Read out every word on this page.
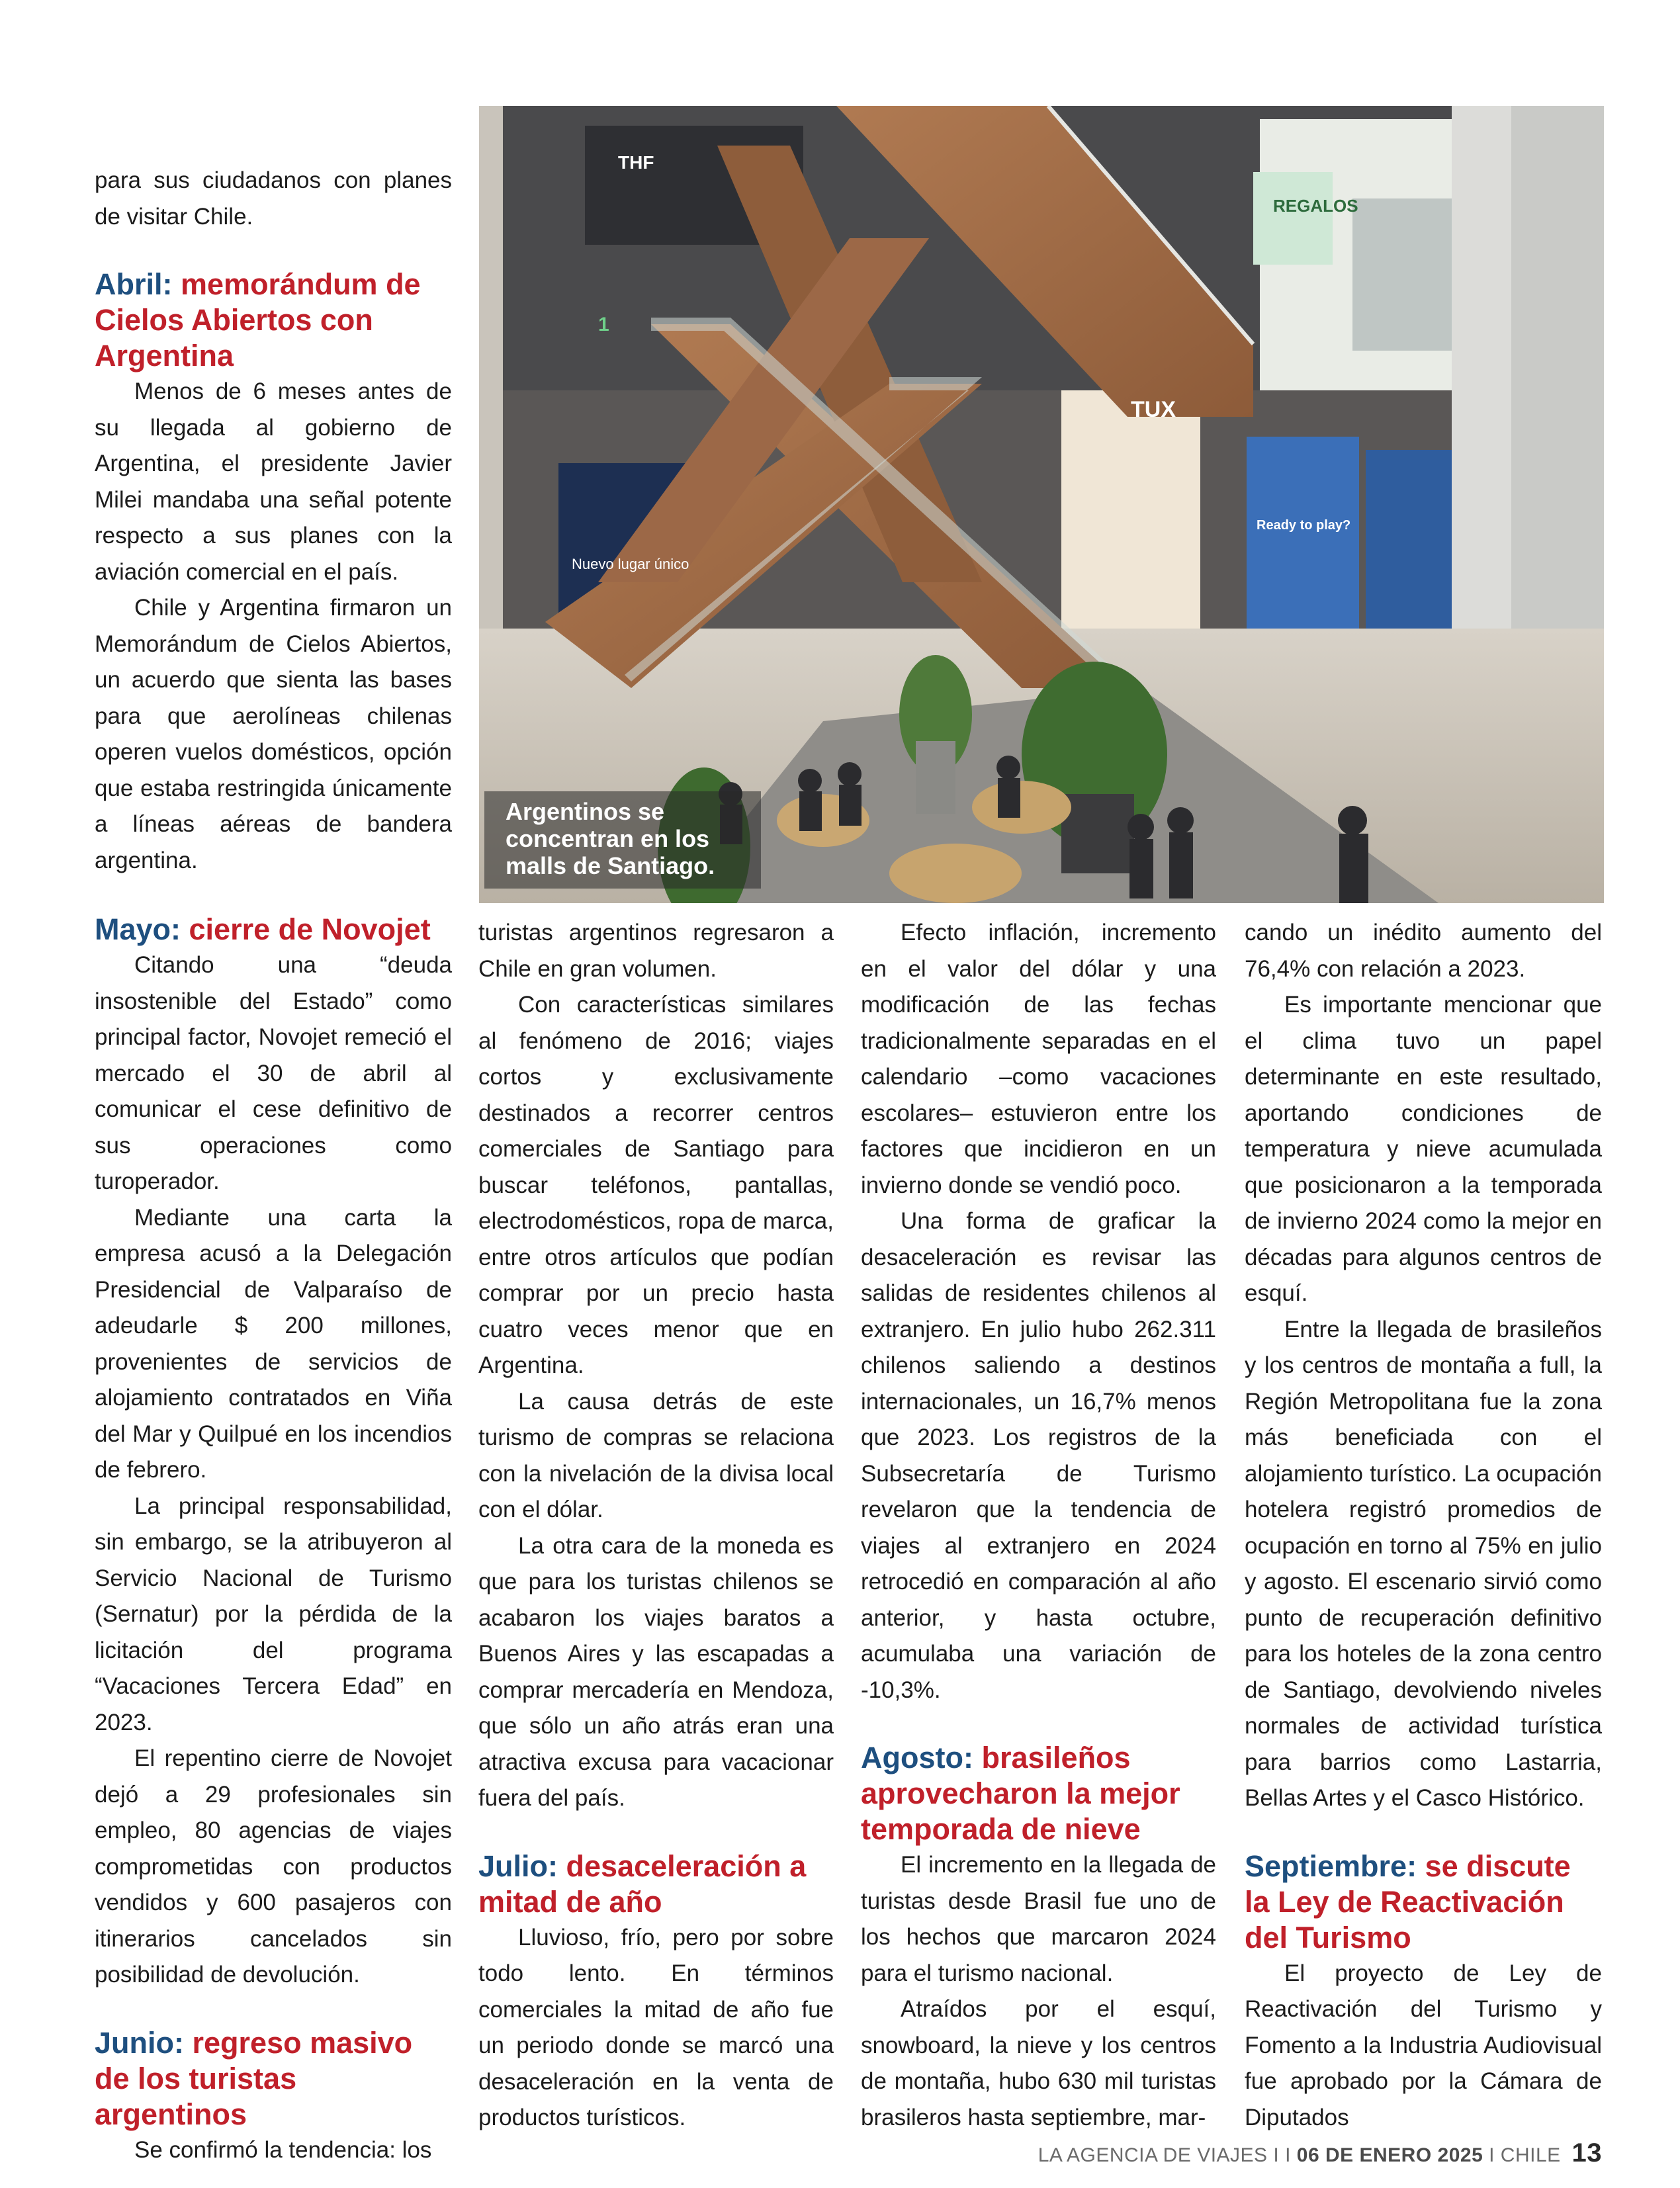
THF
REGALOS
TUX
Ready to play?
1
Nuevo lugar único
Argentinos se concentran en los malls de Santiago.

para sus ciudadanos con planes de visitar Chile.

Abril: memorándum de Cielos Abiertos con Argentina

Menos de 6 meses antes de su llegada al gobierno de Argentina, el presidente Javier Milei mandaba una señal potente respecto a sus planes con la aviación comercial en el país.

Chile y Argentina firmaron un Memorándum de Cielos Abiertos, un acuerdo que sienta las bases para que aerolíneas chilenas operen vuelos domésticos, opción que estaba restringida únicamente a líneas aéreas de bandera argentina.

Mayo: cierre de Novojet

Citando una “deuda insostenible del Estado” como principal factor, Novojet remeció el mercado el 30 de abril al comunicar el cese definitivo de sus operaciones como turoperador.

Mediante una carta la empresa acusó a la Delegación Presidencial de Valparaíso de adeudarle $ 200 millones, provenientes de servicios de alojamiento contratados en Viña del Mar y Quilpué en los incendios de febrero.

La principal responsabilidad, sin embargo, se la atribuyeron al Servicio Nacional de Turismo (Sernatur) por la pérdida de la licitación del programa “Vacaciones Tercera Edad” en 2023.

El repentino cierre de Novojet dejó a 29 profesionales sin empleo, 80 agencias de viajes comprometidas con productos vendidos y 600 pasajeros con itinerarios cancelados sin posibilidad de devolución.

Junio: regreso masivo de los turistas argentinos

Se confirmó la tendencia: los

turistas argentinos regresaron a Chile en gran volumen.

Con características similares al fenómeno de 2016; viajes cortos y exclusivamente destinados a recorrer centros comerciales de Santiago para buscar teléfonos, pantallas, electrodomésticos, ropa de marca, entre otros artículos que podían comprar por un precio hasta cuatro veces menor que en Argentina.

La causa detrás de este turismo de compras se relaciona con la nivelación de la divisa local con el dólar.

La otra cara de la moneda es que para los turistas chilenos se acabaron los viajes baratos a Buenos Aires y las escapadas a comprar mercadería en Mendoza, que sólo un año atrás eran una atractiva excusa para vacacionar fuera del país.

Julio: desaceleración a mitad de año

Lluvioso, frío, pero por sobre todo lento. En términos comerciales la mitad de año fue un periodo donde se marcó una desaceleración en la venta de productos turísticos.

Efecto inflación, incremento en el valor del dólar y una modificación de las fechas tradicionalmente separadas en el calendario –como vacaciones escolares– estuvieron entre los factores que incidieron en un invierno donde se vendió poco.

Una forma de graficar la desaceleración es revisar las salidas de residentes chilenos al extranjero. En julio hubo 262.311 chilenos saliendo a destinos internacionales, un 16,7% menos que 2023. Los registros de la Subsecretaría de Turismo revelaron que la tendencia de viajes al extranjero en 2024 retrocedió en comparación al año anterior, y hasta octubre, acumulaba una variación de -10,3%.

Agosto: brasileños aprovecharon la mejor temporada de nieve

El incremento en la llegada de turistas desde Brasil fue uno de los hechos que marcaron 2024 para el turismo nacional.

Atraídos por el esquí, snowboard, la nieve y los centros de montaña, hubo 630 mil turistas brasileros hasta septiembre, mar-

cando un inédito aumento del 76,4% con relación a 2023.

Es importante mencionar que el clima tuvo un papel determinante en este resultado, aportando condiciones de temperatura y nieve acumulada que posicionaron a la temporada de invierno 2024 como la mejor en décadas para algunos centros de esquí.

Entre la llegada de brasileños y los centros de montaña a full, la Región Metropolitana fue la zona más beneficiada con el alojamiento turístico. La ocupación hotelera registró promedios de ocupación en torno al 75% en julio y agosto. El escenario sirvió como punto de recuperación definitivo para los hoteles de la zona centro de Santiago, devolviendo niveles normales de actividad turística para barrios como Lastarria, Bellas Artes y el Casco Histórico.

Septiembre: se discute la Ley de Reactivación del Turismo

El proyecto de Ley de Reactivación del Turismo y Fomento a la Industria Audiovisual fue aprobado por la Cámara de Diputados

LA AGENCIA DE VIAJES I I 06 DE ENERO 2025 I CHILE 13
